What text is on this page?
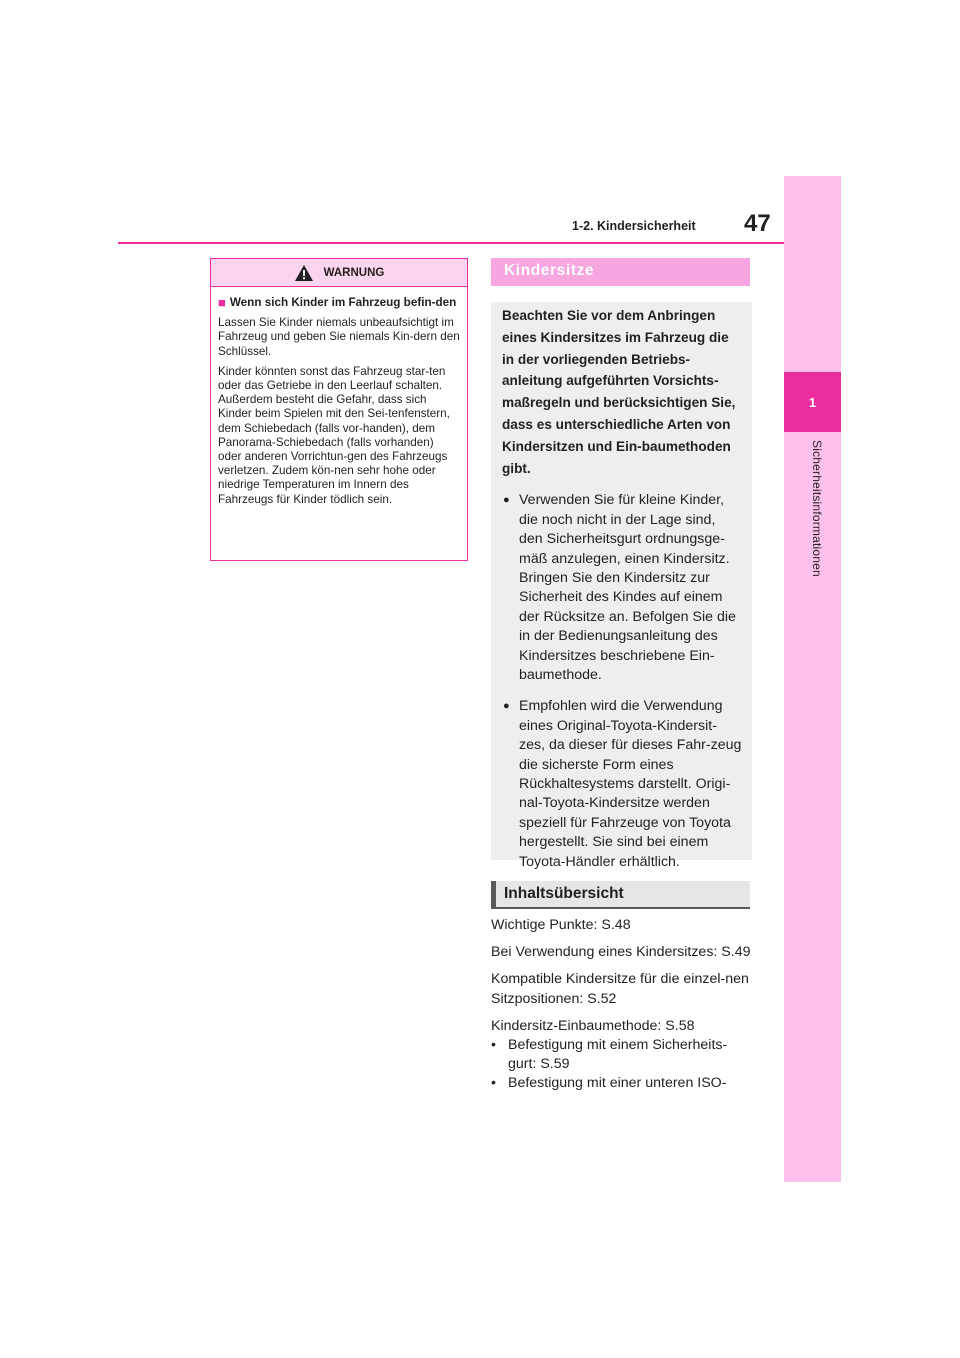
1
Sicherheitsinformationen
1-2. Kindersicherheit 47
WARNUNG
■ Wenn sich Kinder im Fahrzeug befin-den

Lassen Sie Kinder niemals unbeaufsichtigt im Fahrzeug und geben Sie niemals Kin-dern den Schlüssel.

Kinder könnten sonst das Fahrzeug star-ten oder das Getriebe in den Leerlauf schalten. Außerdem besteht die Gefahr, dass sich Kinder beim Spielen mit den Sei-tenfenstern, dem Schiebedach (falls vor-handen), dem Panorama-Schiebedach (falls vorhanden) oder anderen Vorrichtun-gen des Fahrzeugs verletzen. Zudem kön-nen sehr hohe oder niedrige Temperaturen im Innern des Fahrzeugs für Kinder tödlich sein.

Kindersitze

Beachten Sie vor dem Anbringen eines Kindersitzes im Fahrzeug die in der vorliegenden Betriebs-anleitung aufgeführten Vorsichts-maßregeln und berücksichtigen Sie, dass es unterschiedliche Arten von Kindersitzen und Ein-baumethoden gibt.

● Verwenden Sie für kleine Kinder, die noch nicht in der Lage sind, den Sicherheitsgurt ordnungsge-mäß anzulegen, einen Kindersitz. Bringen Sie den Kindersitz zur Sicherheit des Kindes auf einem der Rücksitze an. Befolgen Sie die in der Bedienungsanleitung des Kindersitzes beschriebene Ein-baumethode.
● Empfohlen wird die Verwendung eines Original-Toyota-Kindersit-zes, da dieser für dieses Fahr-zeug die sicherste Form eines Rückhaltesystems darstellt. Origi-nal-Toyota-Kindersitze werden speziell für Fahrzeuge von Toyota hergestellt. Sie sind bei einem Toyota-Händler erhältlich.
Inhaltsübersicht

Wichtige Punkte: S.48

Bei Verwendung eines Kindersitzes: S.49

Kompatible Kindersitze für die einzel-nen Sitzpositionen: S.52

Kindersitz-Einbaumethode: S.58

• Befestigung mit einem Sicherheits-gurt: S.59
• Befestigung mit einer unteren ISO-
